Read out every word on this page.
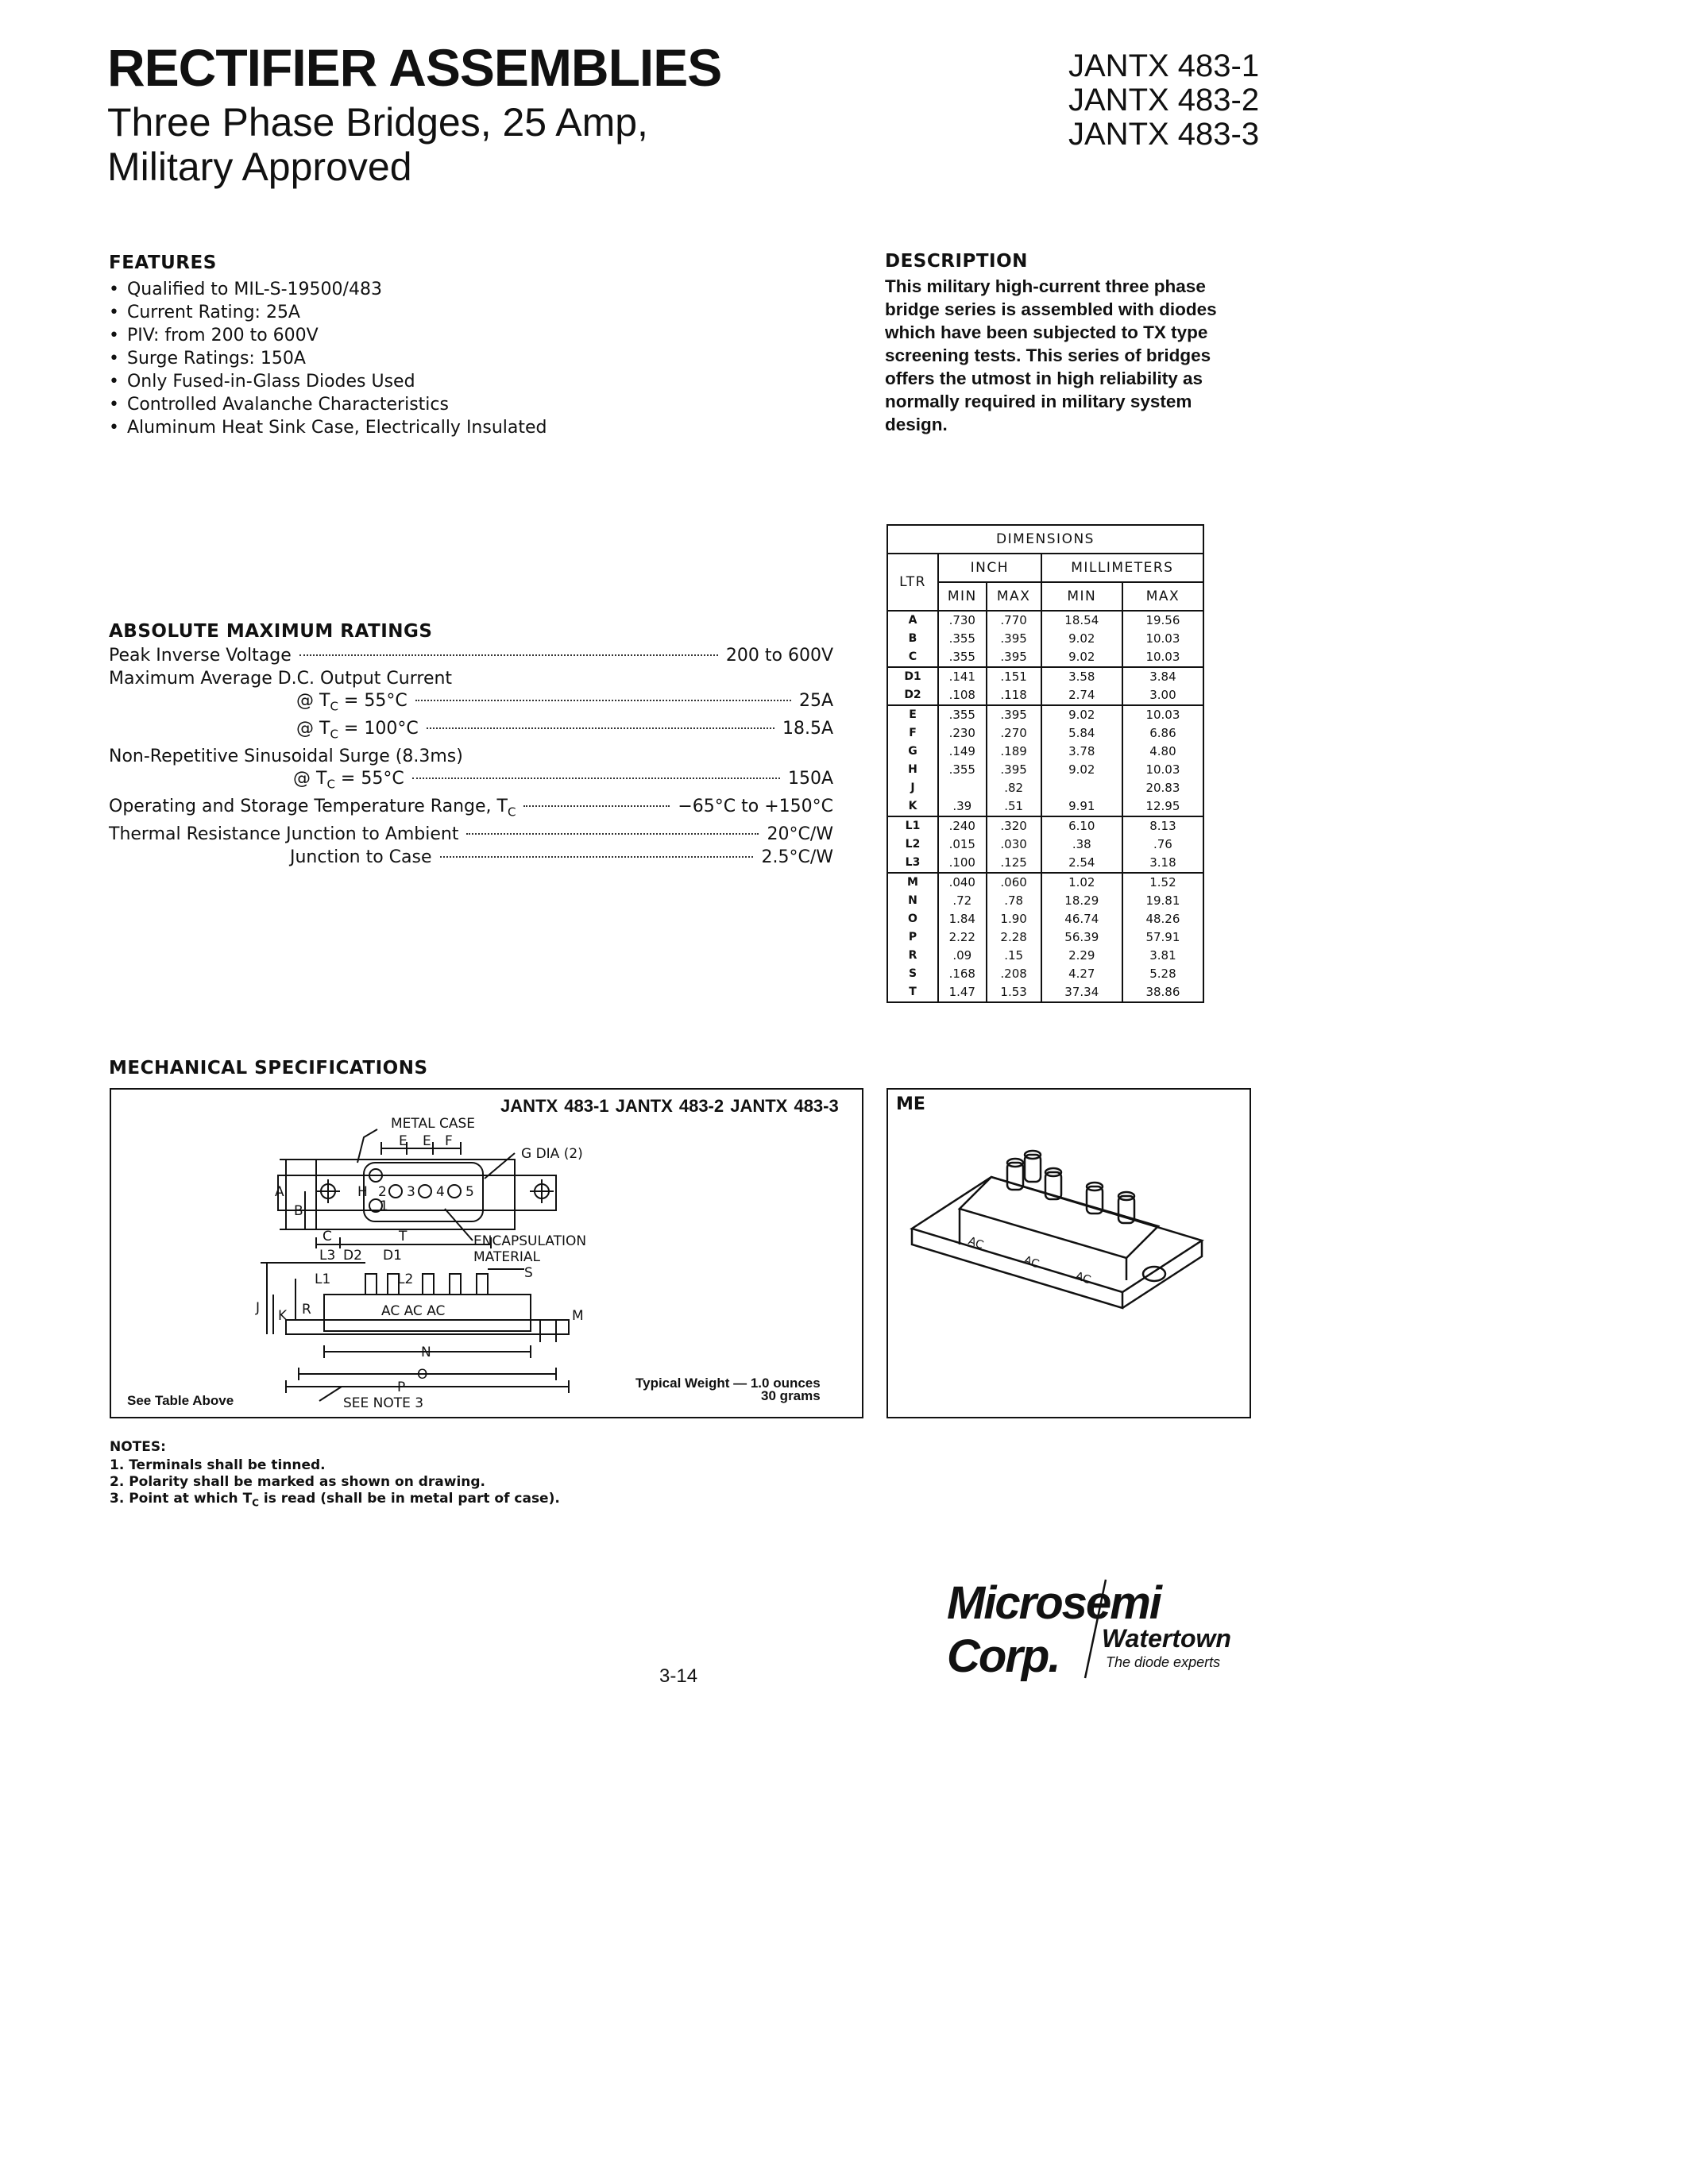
RECTIFIER ASSEMBLIES
Three Phase Bridges, 25 Amp,
Military Approved
JANTX 483-1
JANTX 483-2
JANTX 483-3
FEATURES
• Qualified to MIL-S-19500/483
• Current Rating: 25A
• PIV: from 200 to 600V
• Surge Ratings: 150A
• Only Fused-in-Glass Diodes Used
• Controlled Avalanche Characteristics
• Aluminum Heat Sink Case, Electrically Insulated
DESCRIPTION

This military high-current three phase bridge series is assembled with diodes which have been subjected to TX type screening tests. This series of bridges offers the utmost in high reliability as normally required in military system design.

ABSOLUTE MAXIMUM RATINGS
Peak Inverse Voltage	200 to 600V
Maximum Average D.C. Output Current
@ $T_C = 55^\circ C$	25A
@ $T_C = 100^\circ C$	18.5A
Non-Repetitive Sinusoidal Surge (8.3ms)
@ $T_C = 55^\circ C$	150A
Operating and Storage Temperature Range, $T_C$	−65°C to +150°C
Thermal Resistance Junction to Ambient	20°C/W
Junction to Case	2.5°C/W
DIMENSIONS				
LTR	INCH		MILLIMETERS	
	MIN	MAX	MIN	MAX
A	.730	.770	18.54	19.56
B	.355	.395	9.02	10.03
C	.355	.395	9.02	10.03
D1	.141	.151	3.58	3.84
D2	.108	.118	2.74	3.00
E	.355	.395	9.02	10.03
F	.230	.270	5.84	6.86
G	.149	.189	3.78	4.80
H	.355	.395	9.02	10.03
J		.82		20.83
K	.39	.51	9.91	12.95
L1	.240	.320	6.10	8.13
L2	.015	.030	.38	.76
L3	.100	.125	2.54	3.18
M	.040	.060	1.02	1.52
N	.72	.78	18.29	19.81
O	1.84	1.90	46.74	48.26
P	2.22	2.28	56.39	57.91
R	.09	.15	2.29	3.81
S	.168	.208	4.27	5.28
T	1.47	1.53	37.34	38.86
MECHANICAL SPECIFICATIONS
JANTX 483-1 JANTX 483-2 JANTX 483-3
METAL CASE
E E F
G DIA (2)
A
B
H
1
2 3 4 5
C	T	ENCAPSULATION
MATERIAL
L3 D2 D1
L1	L2	S
J K R	AC AC AC	M
N
O
P
SEE NOTE 3
See Table Above
Typical Weight — 1.0 ounces
30 grams
ME
AC
AC
AC
NOTES:
1. Terminals shall be tinned.
2. Polarity shall be marked as shown on drawing.
3. Point at which $T_C$ is read (shall be in metal part of case).
Microsemi Corp.	Watertown
The diode experts
3-14
